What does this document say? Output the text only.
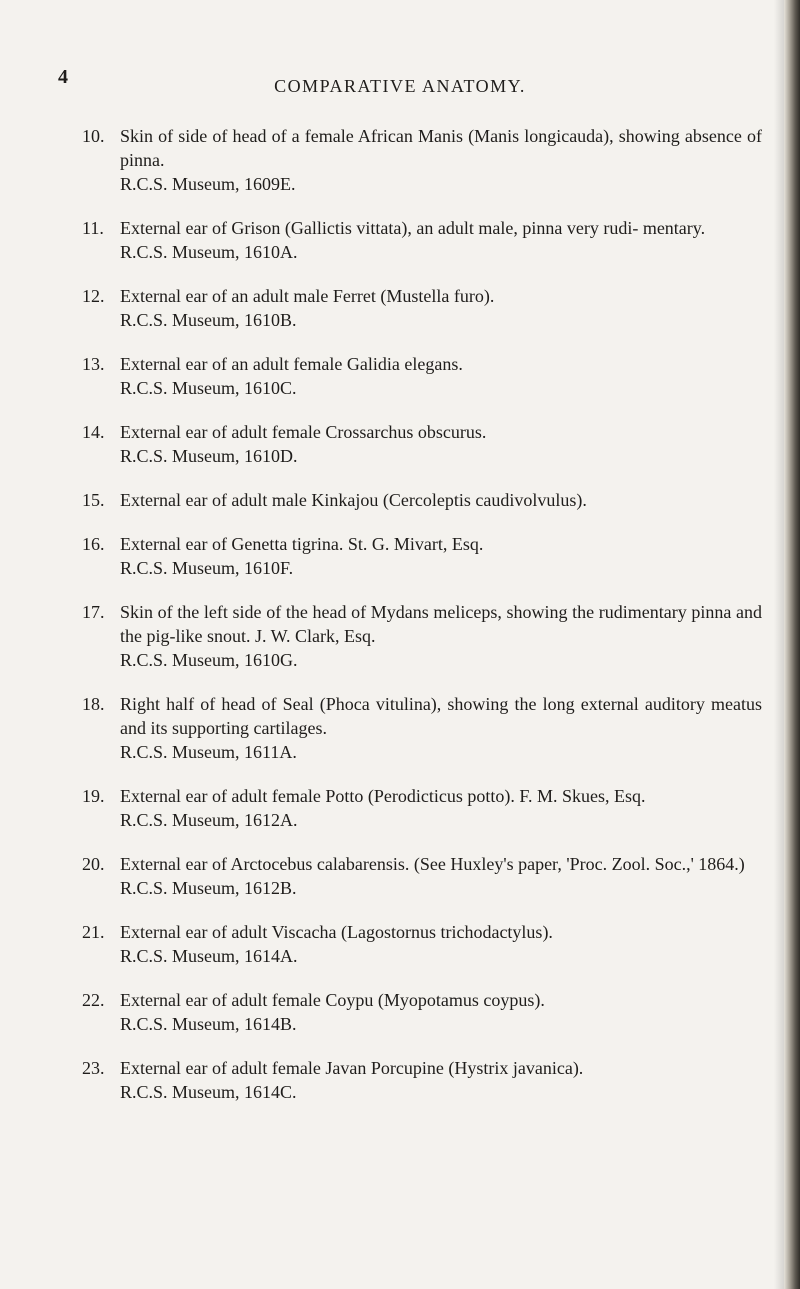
4	COMPARATIVE ANATOMY.

10. Skin of side of head of a female African Manis (Manis longicauda), showing absence of pinna.

R.C.S. Museum, 1609E.

11. External ear of Grison (Gallictis vittata), an adult male, pinna very rudi- mentary.

R.C.S. Museum, 1610A.

12. External ear of an adult male Ferret (Mustella furo).

R.C.S. Museum, 1610B.

13. External ear of an adult female Galidia elegans.

R.C.S. Museum, 1610C.

14. External ear of adult female Crossarchus obscurus.

R.C.S. Museum, 1610D.

15. External ear of adult male Kinkajou (Cercoleptis caudivolvulus).

16. External ear of Genetta tigrina. St. G. Mivart, Esq.

R.C.S. Museum, 1610F.

17. Skin of the left side of the head of Mydans meliceps, showing the rudimentary pinna and the pig-like snout. J. W. Clark, Esq.

R.C.S. Museum, 1610G.

18. Right half of head of Seal (Phoca vitulina), showing the long external auditory meatus and its supporting cartilages.

R.C.S. Museum, 1611A.

19. External ear of adult female Potto (Perodicticus potto). F. M. Skues, Esq.

R.C.S. Museum, 1612A.

20. External ear of Arctocebus calabarensis. (See Huxley's paper, 'Proc. Zool. Soc.,' 1864.)

R.C.S. Museum, 1612B.

21. External ear of adult Viscacha (Lagostornus trichodactylus).

R.C.S. Museum, 1614A.

22. External ear of adult female Coypu (Myopotamus coypus).

R.C.S. Museum, 1614B.

23. External ear of adult female Javan Porcupine (Hystrix javanica).

R.C.S. Museum, 1614C.
